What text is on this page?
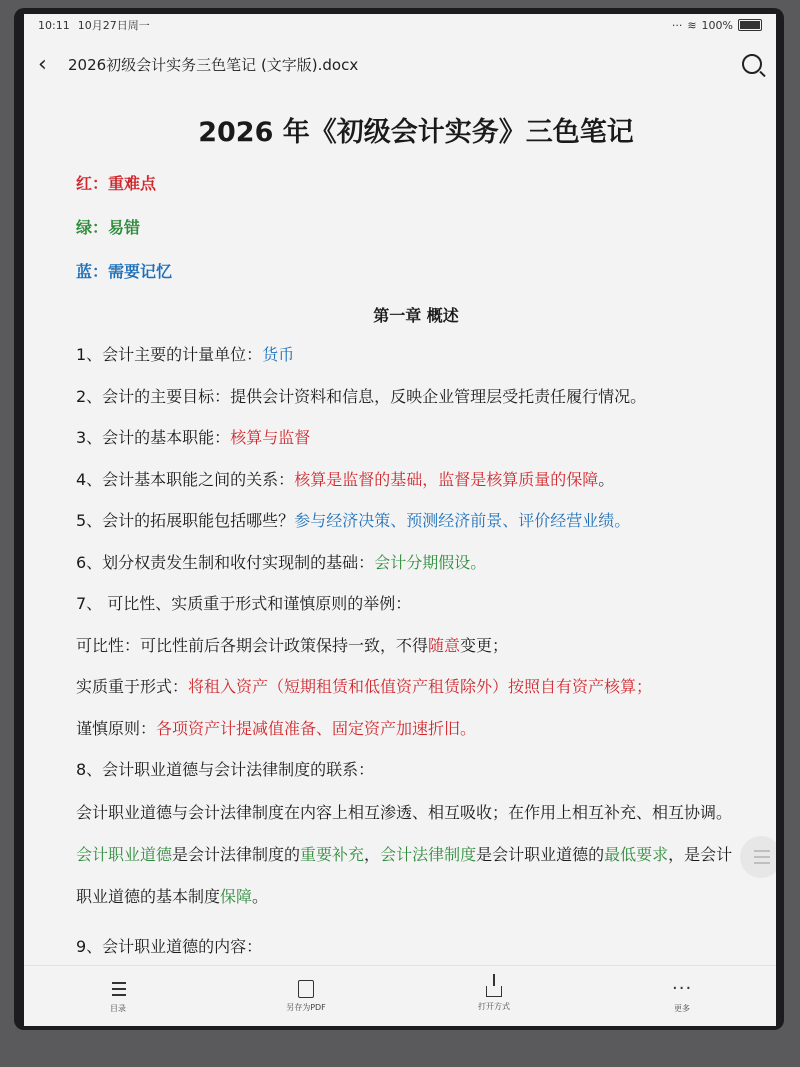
10:11 10月27日周一	··· ≋ 100%
‹	2026初级会计实务三色笔记 (文字版).docx
2026 年《初级会计实务》三色笔记
红：重难点
绿：易错
蓝：需要记忆
第一章 概述
1、会计主要的计量单位：货币
2、会计的主要目标：提供会计资料和信息，反映企业管理层受托责任履行情况。
3、会计的基本职能：核算与监督
4、会计基本职能之间的关系：核算是监督的基础，监督是核算质量的保障。
5、会计的拓展职能包括哪些？参与经济决策、预测经济前景、评价经营业绩。
6、划分权责发生制和收付实现制的基础：会计分期假设。
7、 可比性、实质重于形式和谨慎原则的举例：
可比性：可比性前后各期会计政策保持一致，不得随意变更；
实质重于形式：将租入资产（短期租赁和低值资产租赁除外）按照自有资产核算；
谨慎原则：各项资产计提减值准备、固定资产加速折旧。
8、会计职业道德与会计法律制度的联系：
会计职业道德与会计法律制度在内容上相互渗透、相互吸收；在作用上相互补充、相互协调。会计职业道德是会计法律制度的重要补充，会计法律制度是会计职业道德的最低要求，是会计职业道德的基本制度保障。
9、会计职业道德的内容：
目录	另存为PDF	打开方式
···
更多
